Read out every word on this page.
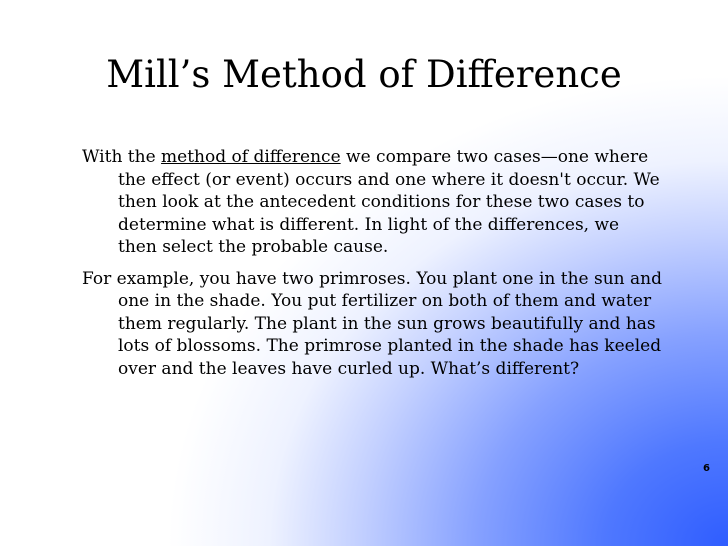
Mill’s Method of Difference

With the method of difference we compare two cases—one where the effect (or event) occurs and one where it doesn't occur. We then look at the antecedent conditions for these two cases to determine what is different. In light of the differences, we then select the probable cause.

For example, you have two primroses. You plant one in the sun and one in the shade. You put fertilizer on both of them and water them regularly. The plant in the sun grows beautifully and has lots of blossoms. The primrose planted in the shade has keeled over and the leaves have curled up. What’s different?

6
